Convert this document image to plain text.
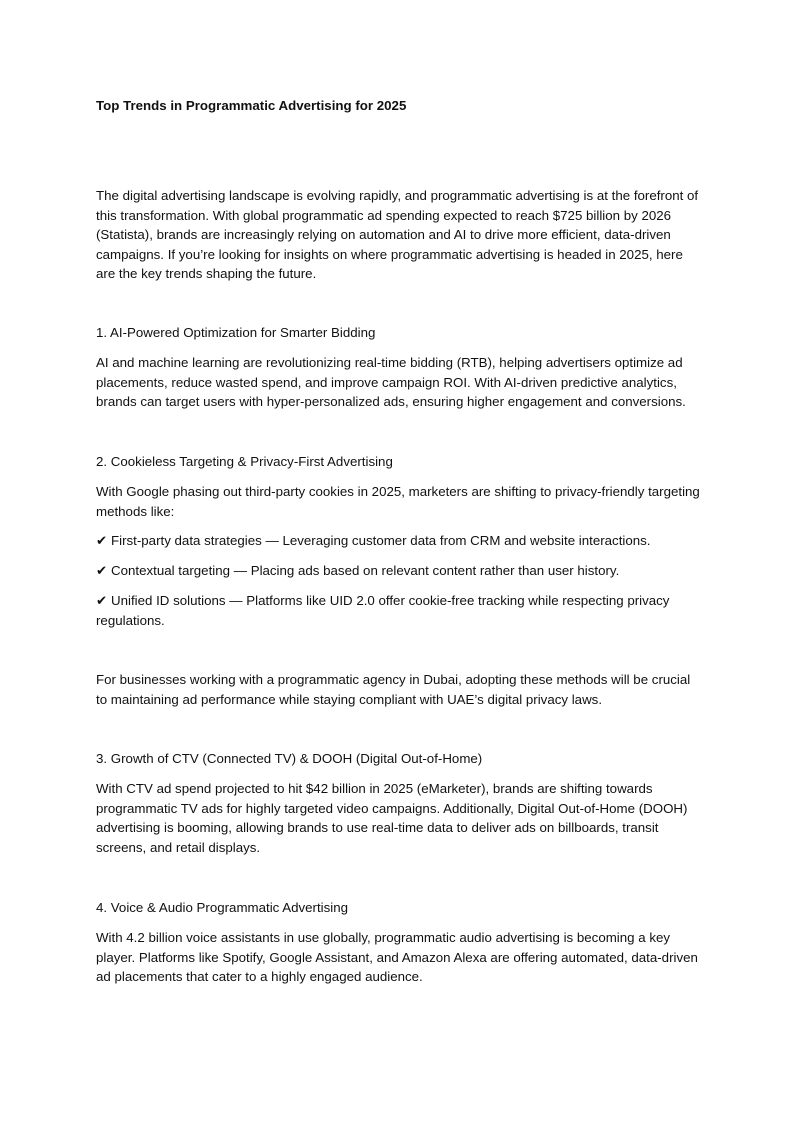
Top Trends in Programmatic Advertising for 2025

The digital advertising landscape is evolving rapidly, and programmatic advertising is at the forefront of this transformation. With global programmatic ad spending expected to reach $725 billion by 2026 (Statista), brands are increasingly relying on automation and AI to drive more efficient, data-driven campaigns. If you’re looking for insights on where programmatic advertising is headed in 2025, here are the key trends shaping the future.

1. AI-Powered Optimization for Smarter Bidding

AI and machine learning are revolutionizing real-time bidding (RTB), helping advertisers optimize ad placements, reduce wasted spend, and improve campaign ROI. With AI-driven predictive analytics, brands can target users with hyper-personalized ads, ensuring higher engagement and conversions.

2. Cookieless Targeting & Privacy-First Advertising

With Google phasing out third-party cookies in 2025, marketers are shifting to privacy-friendly targeting methods like:

✔ First-party data strategies — Leveraging customer data from CRM and website interactions.

✔ Contextual targeting — Placing ads based on relevant content rather than user history.

✔ Unified ID solutions — Platforms like UID 2.0 offer cookie-free tracking while respecting privacy regulations.

For businesses working with a programmatic agency in Dubai, adopting these methods will be crucial to maintaining ad performance while staying compliant with UAE’s digital privacy laws.

3. Growth of CTV (Connected TV) & DOOH (Digital Out-of-Home)

With CTV ad spend projected to hit $42 billion in 2025 (eMarketer), brands are shifting towards programmatic TV ads for highly targeted video campaigns. Additionally, Digital Out-of-Home (DOOH) advertising is booming, allowing brands to use real-time data to deliver ads on billboards, transit screens, and retail displays.

4. Voice & Audio Programmatic Advertising

With 4.2 billion voice assistants in use globally, programmatic audio advertising is becoming a key player. Platforms like Spotify, Google Assistant, and Amazon Alexa are offering automated, data-driven ad placements that cater to a highly engaged audience.
